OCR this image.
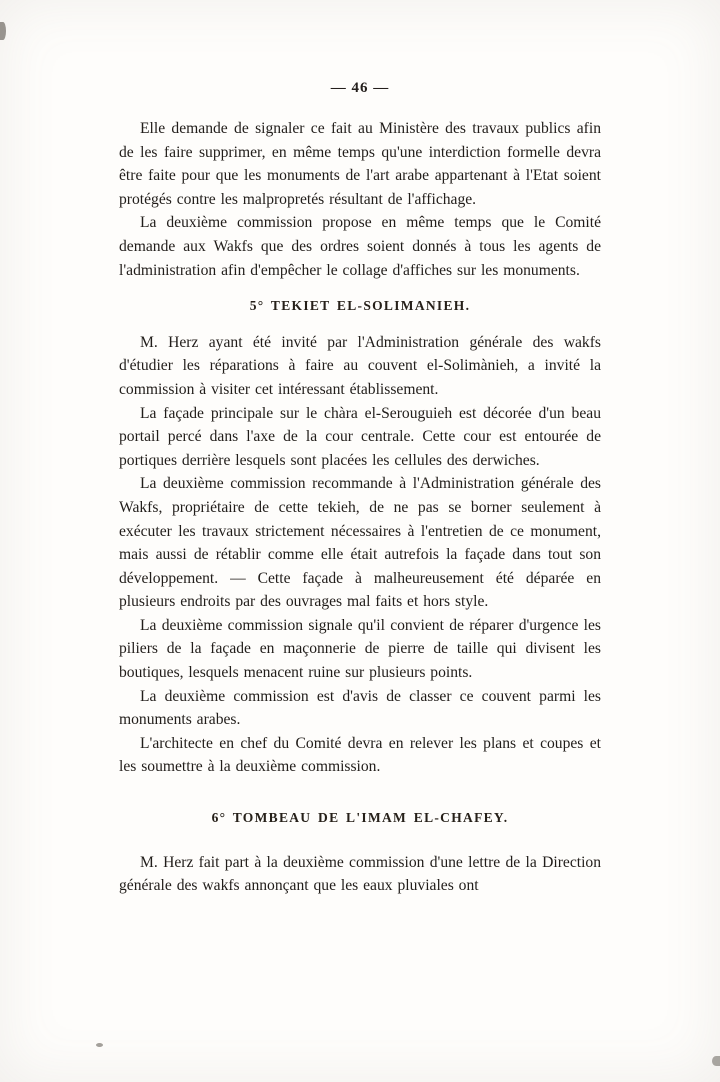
— 46 —

Elle demande de signaler ce fait au Ministère des travaux publics afin de les faire supprimer, en même temps qu'une interdiction formelle devra être faite pour que les monuments de l'art arabe appartenant à l'Etat soient protégés contre les malpropretés résultant de l'affichage.

La deuxième commission propose en même temps que le Comité demande aux Wakfs que des ordres soient donnés à tous les agents de l'administration afin d'empêcher le collage d'affiches sur les monuments.

5° TEKIET EL-SOLIMANIEH.

M. Herz ayant été invité par l'Administration générale des wakfs d'étudier les réparations à faire au couvent el-Solimànieh, a invité la commission à visiter cet intéressant établissement.

La façade principale sur le chàra el-Serouguieh est décorée d'un beau portail percé dans l'axe de la cour centrale. Cette cour est entourée de portiques derrière lesquels sont placées les cellules des derwiches.

La deuxième commission recommande à l'Administration générale des Wakfs, propriétaire de cette tekieh, de ne pas se borner seulement à exécuter les travaux strictement nécessaires à l'entretien de ce monument, mais aussi de rétablir comme elle était autrefois la façade dans tout son développement. — Cette façade à malheureusement été déparée en plusieurs endroits par des ouvrages mal faits et hors style.

La deuxième commission signale qu'il convient de réparer d'urgence les piliers de la façade en maçonnerie de pierre de taille qui divisent les boutiques, lesquels menacent ruine sur plusieurs points.

La deuxième commission est d'avis de classer ce couvent parmi les monuments arabes.

L'architecte en chef du Comité devra en relever les plans et coupes et les soumettre à la deuxième commission.

6° TOMBEAU DE L'IMAM EL-CHAFEY.

M. Herz fait part à la deuxième commission d'une lettre de la Direction générale des wakfs annonçant que les eaux pluviales ont
